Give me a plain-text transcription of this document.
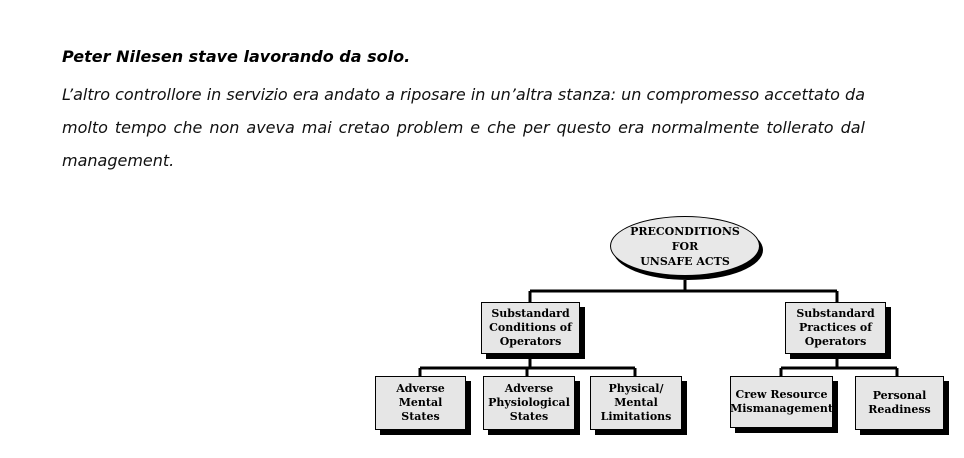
Peter Nilesen stave lavorando da solo.

L’altro controllore in servizio era andato a riposare in un’altra stanza: un compromesso accettato da molto tempo che non aveva mai cretao problem e che per questo era normalmente tollerato dal management.

PRECONDITIONS
FOR
UNSAFE ACTS
Substandard
Conditions of
Operators
Substandard
Practices of
Operators
Adverse
Mental
States
Adverse
Physiological
States
Physical/
Mental
Limitations
Crew Resource
Mismanagement
Personal
Readiness
